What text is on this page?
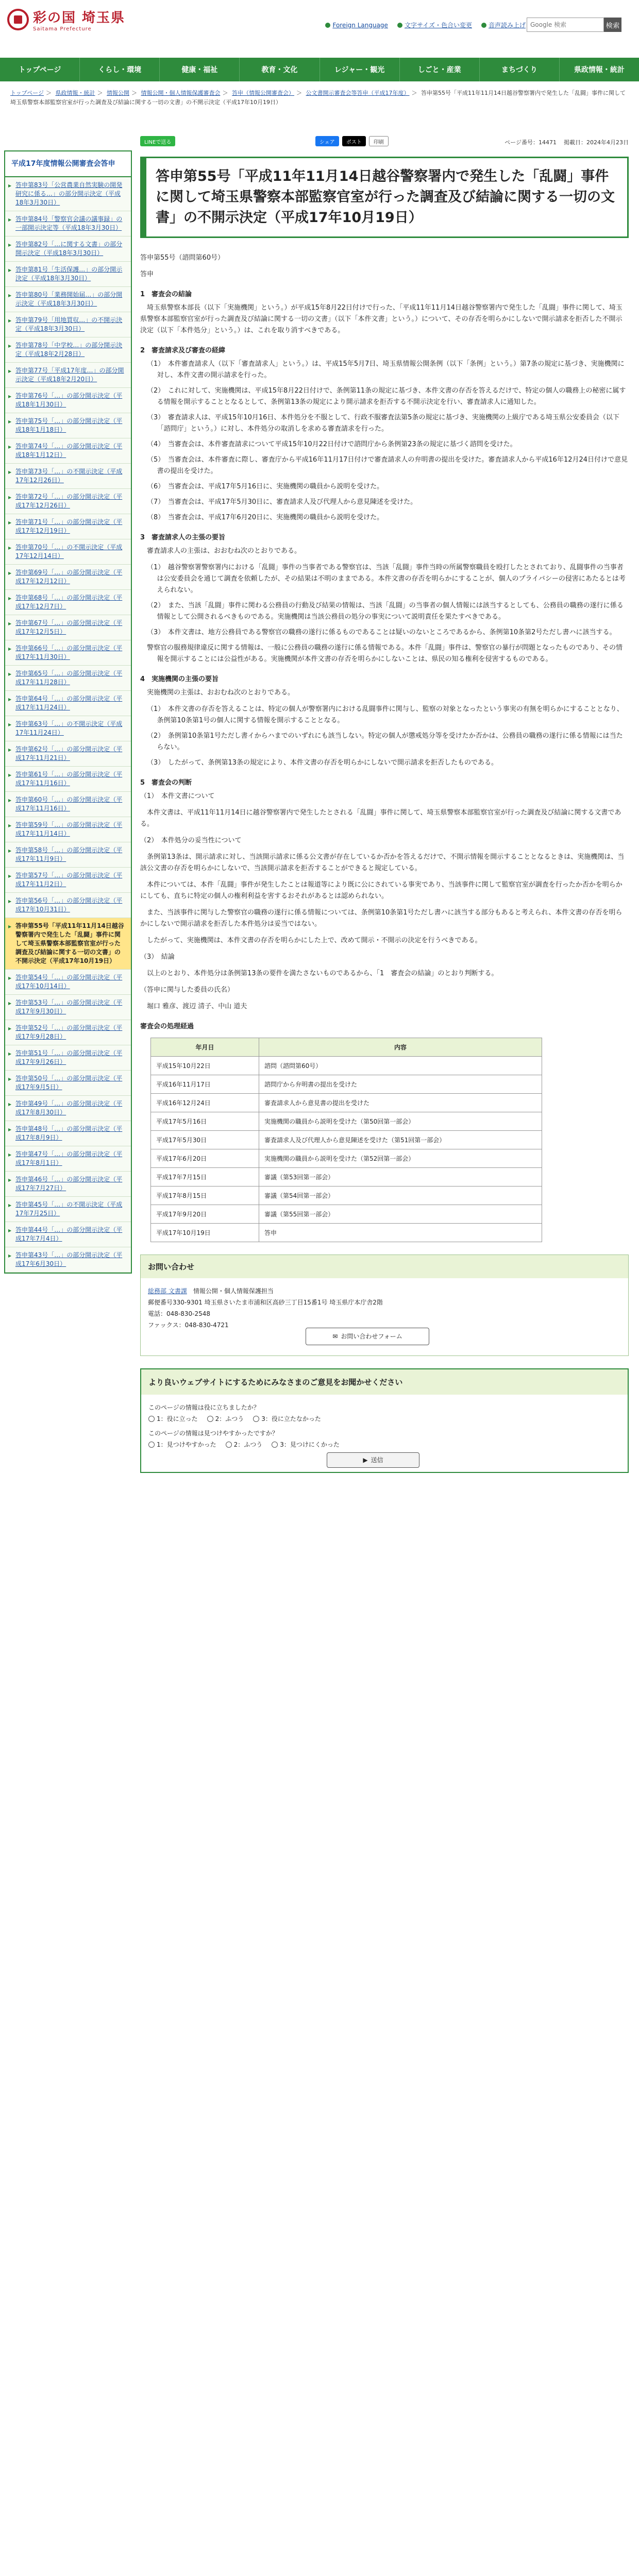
彩の国 埼玉県
Saitama Prefecture
Foreign Language	文字サイズ・色合い変更	音声読み上げ
Google 検索	検索
トップページ	くらし・環境	健康・福祉	教育・文化	レジャー・観光	しごと・産業	まちづくり	県政情報・統計
トップページ ＞ 県政情報・統計 ＞ 情報公開 ＞ 情報公開・個人情報保護審査会 ＞ 答申（情報公開審査会） ＞ 公文書開示審査会等答申（平成17年度） ＞ 答申第55号「平成11年11月14日越谷警察署内で発生した「乱闘」事件に関して埼玉県警察本部監察官室が行った調査及び結論に関する一切の文書」の不開示決定（平成17年10月19日）
平成17年度情報公開審査会答申
▶ 答申第83号「公営農業自然実験の開発研究に係る…」の部分開示決定（平成18年3月30日）
▶ 答申第84号「警察官会議の議事録」の一部開示決定等（平成18年3月30日）
▶ 答申第82号「…に関する文書」の部分開示決定（平成18年3月30日）
▶ 答申第81号「生活保護…」の部分開示決定（平成18年3月30日）
▶ 答申第80号「業務開始届…」の部分開示決定（平成18年3月30日）
▶ 答申第79号「用地買収…」の不開示決定（平成18年3月30日）
▶ 答申第78号「中学校…」の部分開示決定（平成18年2月28日）
▶ 答申第77号「平成17年度…」の部分開示決定（平成18年2月20日）
▶ 答申第76号「…」の部分開示決定（平成18年1月30日）
▶ 答申第75号「…」の部分開示決定（平成18年1月18日）
▶ 答申第74号「…」の部分開示決定（平成18年1月12日）
▶ 答申第73号「…」の不開示決定（平成17年12月26日）
▶ 答申第72号「…」の部分開示決定（平成17年12月26日）
▶ 答申第71号「…」の部分開示決定（平成17年12月19日）
▶ 答申第70号「…」の不開示決定（平成17年12月14日）
▶ 答申第69号「…」の部分開示決定（平成17年12月12日）
▶ 答申第68号「…」の部分開示決定（平成17年12月7日）
▶ 答申第67号「…」の部分開示決定（平成17年12月5日）
▶ 答申第66号「…」の部分開示決定（平成17年11月30日）
▶ 答申第65号「…」の部分開示決定（平成17年11月28日）
▶ 答申第64号「…」の部分開示決定（平成17年11月24日）
▶ 答申第63号「…」の不開示決定（平成17年11月24日）
▶ 答申第62号「…」の部分開示決定（平成17年11月21日）
▶ 答申第61号「…」の部分開示決定（平成17年11月16日）
▶ 答申第60号「…」の部分開示決定（平成17年11月16日）
▶ 答申第59号「…」の部分開示決定（平成17年11月14日）
▶ 答申第58号「…」の部分開示決定（平成17年11月9日）
▶ 答申第57号「…」の部分開示決定（平成17年11月2日）
▶ 答申第56号「…」の部分開示決定（平成17年10月31日）
▶ 答申第55号「平成11年11月14日越谷警察署内で発生した「乱闘」事件に関して埼玉県警察本部監察官室が行った調査及び結論に関する一切の文書」の不開示決定（平成17年10月19日）
▶ 答申第54号「…」の部分開示決定（平成17年10月14日）
▶ 答申第53号「…」の部分開示決定（平成17年9月30日）
▶ 答申第52号「…」の部分開示決定（平成17年9月28日）
▶ 答申第51号「…」の部分開示決定（平成17年9月26日）
▶ 答申第50号「…」の部分開示決定（平成17年9月5日）
▶ 答申第49号「…」の部分開示決定（平成17年8月30日）
▶ 答申第48号「…」の部分開示決定（平成17年8月9日）
▶ 答申第47号「…」の部分開示決定（平成17年8月1日）
▶ 答申第46号「…」の部分開示決定（平成17年7月27日）
▶ 答申第45号「…」の不開示決定（平成17年7月25日）
▶ 答申第44号「…」の部分開示決定（平成17年7月4日）
▶ 答申第43号「…」の部分開示決定（平成17年6月30日）
LINEで送る	シェア	ポスト	印刷	ページ番号：14471 掲載日：2024年4月23日
答申第55号「平成11年11月14日越谷警察署内で発生した「乱闘」事件に関して埼玉県警察本部監察官室が行った調査及び結論に関する一切の文書」の不開示決定（平成17年10月19日）

答申第55号（諮問第60号）

答申

1　審査会の結論

埼玉県警察本部長（以下「実施機関」という。）が平成15年8月22日付けで行った、「平成11年11月14日越谷警察署内で発生した「乱闘」事件に関して、埼玉県警察本部監察官室が行った調査及び結論に関する一切の文書」（以下「本件文書」という。）について、その存否を明らかにしないで開示請求を拒否した不開示決定（以下「本件処分」という。）は、これを取り消すべきである。

2　審査請求及び審査の経緯

（1）　本件審査請求人（以下「審査請求人」という。）は、平成15年5月7日、埼玉県情報公開条例（以下「条例」という。）第7条の規定に基づき、実施機関に対し、本件文書の開示請求を行った。

（2）　これに対して、実施機関は、平成15年8月22日付けで、条例第11条の規定に基づき、本件文書の存否を答えるだけで、特定の個人の職務上の秘密に属する情報を開示することとなるとして、条例第13条の規定により開示請求を拒否する不開示決定を行い、審査請求人に通知した。

（3）　審査請求人は、平成15年10月16日、本件処分を不服として、行政不服審査法第5条の規定に基づき、実施機関の上級庁である埼玉県公安委員会（以下「諮問庁」という。）に対し、本件処分の取消しを求める審査請求を行った。

（4）　当審査会は、本件審査請求について平成15年10月22日付けで諮問庁から条例第23条の規定に基づく諮問を受けた。

（5）　当審査会は、本件審査に際し、審査庁から平成16年11月17日付けで審査請求人の弁明書の提出を受けた。審査請求人から平成16年12月24日付けで意見書の提出を受けた。

（6）　当審査会は、平成17年5月16日に、実施機関の職員から説明を受けた。

（7）　当審査会は、平成17年5月30日に、審査請求人及び代理人から意見陳述を受けた。

（8）　当審査会は、平成17年6月20日に、実施機関の職員から説明を受けた。

3　審査請求人の主張の要旨

審査請求人の主張は、おおむね次のとおりである。

（1）　越谷警察署警察署内における「乱闘」事件の当事者である警察官は、当該「乱闘」事件当時の所属警察職員を殴打したとされており、乱闘事件の当事者は公安委員会を通じて調査を依頼したが、その結果は不明のままである。本件文書の存否を明らかにすることが、個人のプライバシーの侵害にあたるとは考えられない。

（2）　また、当該「乱闘」事件に関わる公務員の行動及び結果の情報は、当該「乱闘」の当事者の個人情報には該当するとしても、公務員の職務の遂行に係る情報として公開されるべきものである。実施機関は当該公務員の処分の事実について説明責任を果たすべきである。

（3）　本件文書は、地方公務員である警察官の職務の遂行に係るものであることは疑いのないところであるから、条例第10条第2号ただし書ハに該当する。

警察官の服務規律違反に関する情報は、一般に公務員の職務の遂行に係る情報である。本件「乱闘」事件は、警察官の暴行が問題となったものであり、その情報を開示することには公益性がある。実施機関が本件文書の存否を明らかにしないことは、県民の知る権利を侵害するものである。

4　実施機関の主張の要旨

実施機関の主張は、おおむね次のとおりである。

（1）　本件文書の存否を答えることは、特定の個人が警察署内における乱闘事件に関与し、監察の対象となったという事実の有無を明らかにすることとなり、条例第10条第1号の個人に関する情報を開示することとなる。

（2）　条例第10条第1号ただし書イからハまでのいずれにも該当しない。特定の個人が懲戒処分等を受けたか否かは、公務員の職務の遂行に係る情報には当たらない。

（3）　したがって、条例第13条の規定により、本件文書の存否を明らかにしないで開示請求を拒否したものである。

5　審査会の判断

（1）　本件文書について

本件文書は、平成11年11月14日に越谷警察署内で発生したとされる「乱闘」事件に関して、埼玉県警察本部監察官室が行った調査及び結論に関する文書である。

（2）　本件処分の妥当性について

条例第13条は、開示請求に対し、当該開示請求に係る公文書が存在しているか否かを答えるだけで、不開示情報を開示することとなるときは、実施機関は、当該公文書の存否を明らかにしないで、当該開示請求を拒否することができると規定している。

本件については、本件「乱闘」事件が発生したことは報道等により既に公にされている事実であり、当該事件に関して監察官室が調査を行ったか否かを明らかにしても、直ちに特定の個人の権利利益を害するおそれがあるとは認められない。

また、当該事件に関与した警察官の職務の遂行に係る情報については、条例第10条第1号ただし書ハに該当する部分もあると考えられ、本件文書の存否を明らかにしないで開示請求を拒否した本件処分は妥当ではない。

したがって、実施機関は、本件文書の存否を明らかにした上で、改めて開示・不開示の決定を行うべきである。

（3）　結論

以上のとおり、本件処分は条例第13条の要件を満たさないものであるから、「1　審査会の結論」のとおり判断する。

（答申に関与した委員の氏名）

堀口 雅彦、渡辺 清子、中山 道夫

審査会の処理経過
年月日	内容
平成15年10月22日	諮問（諮問第60号）
平成16年11月17日	諮問庁から弁明書の提出を受けた
平成16年12月24日	審査請求人から意見書の提出を受けた
平成17年5月16日	実施機関の職員から説明を受けた（第50回第一部会）
平成17年5月30日	審査請求人及び代理人から意見陳述を受けた（第51回第一部会）
平成17年6月20日	実施機関の職員から説明を受けた（第52回第一部会）
平成17年7月15日	審議（第53回第一部会）
平成17年8月15日	審議（第54回第一部会）
平成17年9月20日	審議（第55回第一部会）
平成17年10月19日	答申
お問い合わせ

総務部 文書課　 情報公開・個人情報保護担当

郵便番号330-9301 埼玉県さいたま市浦和区高砂三丁目15番1号 埼玉県庁本庁舎2階

電話：048-830-2548

ファックス：048-830-4721

✉ お問い合わせフォーム
より良いウェブサイトにするためにみなさまのご意見をお聞かせください

このページの情報は役に立ちましたか？

1：役に立った	2：ふつう	3：役に立たなかった

このページの情報は見つけやすかったですか？

1：見つけやすかった	2：ふつう	3：見つけにくかった
▶ 送信
